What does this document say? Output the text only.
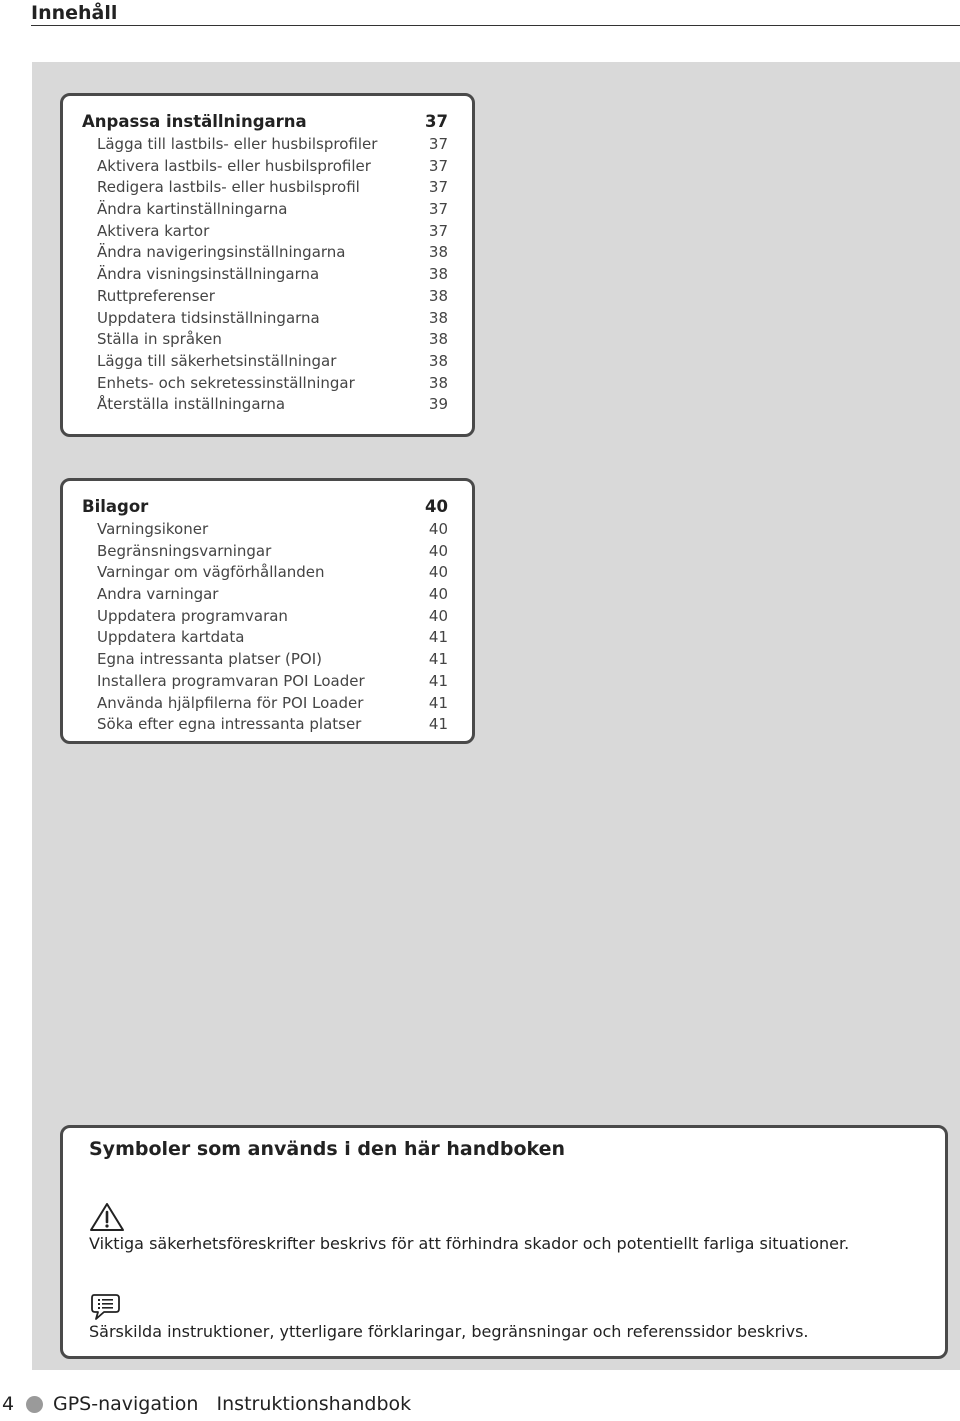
Innehåll
Anpassa inställningarna	37
Lägga till lastbils- eller husbilsprofiler	37
Aktivera lastbils- eller husbilsprofiler	37
Redigera lastbils- eller husbilsprofil	37
Ändra kartinställningarna	37
Aktivera kartor	37
Ändra navigeringsinställningarna	38
Ändra visningsinställningarna	38
Ruttpreferenser	38
Uppdatera tidsinställningarna	38
Ställa in språken	38
Lägga till säkerhetsinställningar	38
Enhets- och sekretessinställningar	38
Återställa inställningarna	39
Bilagor	40
Varningsikoner	40
Begränsningsvarningar	40
Varningar om vägförhållanden	40
Andra varningar	40
Uppdatera programvaran	40
Uppdatera kartdata	41
Egna intressanta platser (POI)	41
Installera programvaran POI Loader	41
Använda hjälpfilerna för POI Loader	41
Söka efter egna intressanta platser	41
Symboler som används i den här handboken
Viktiga säkerhetsföreskrifter beskrivs för att förhindra skador och potentiellt farliga situationer.
Särskilda instruktioner, ytterligare förklaringar, begränsningar och referenssidor beskrivs.
4	GPS-navigation   Instruktionshandbok
